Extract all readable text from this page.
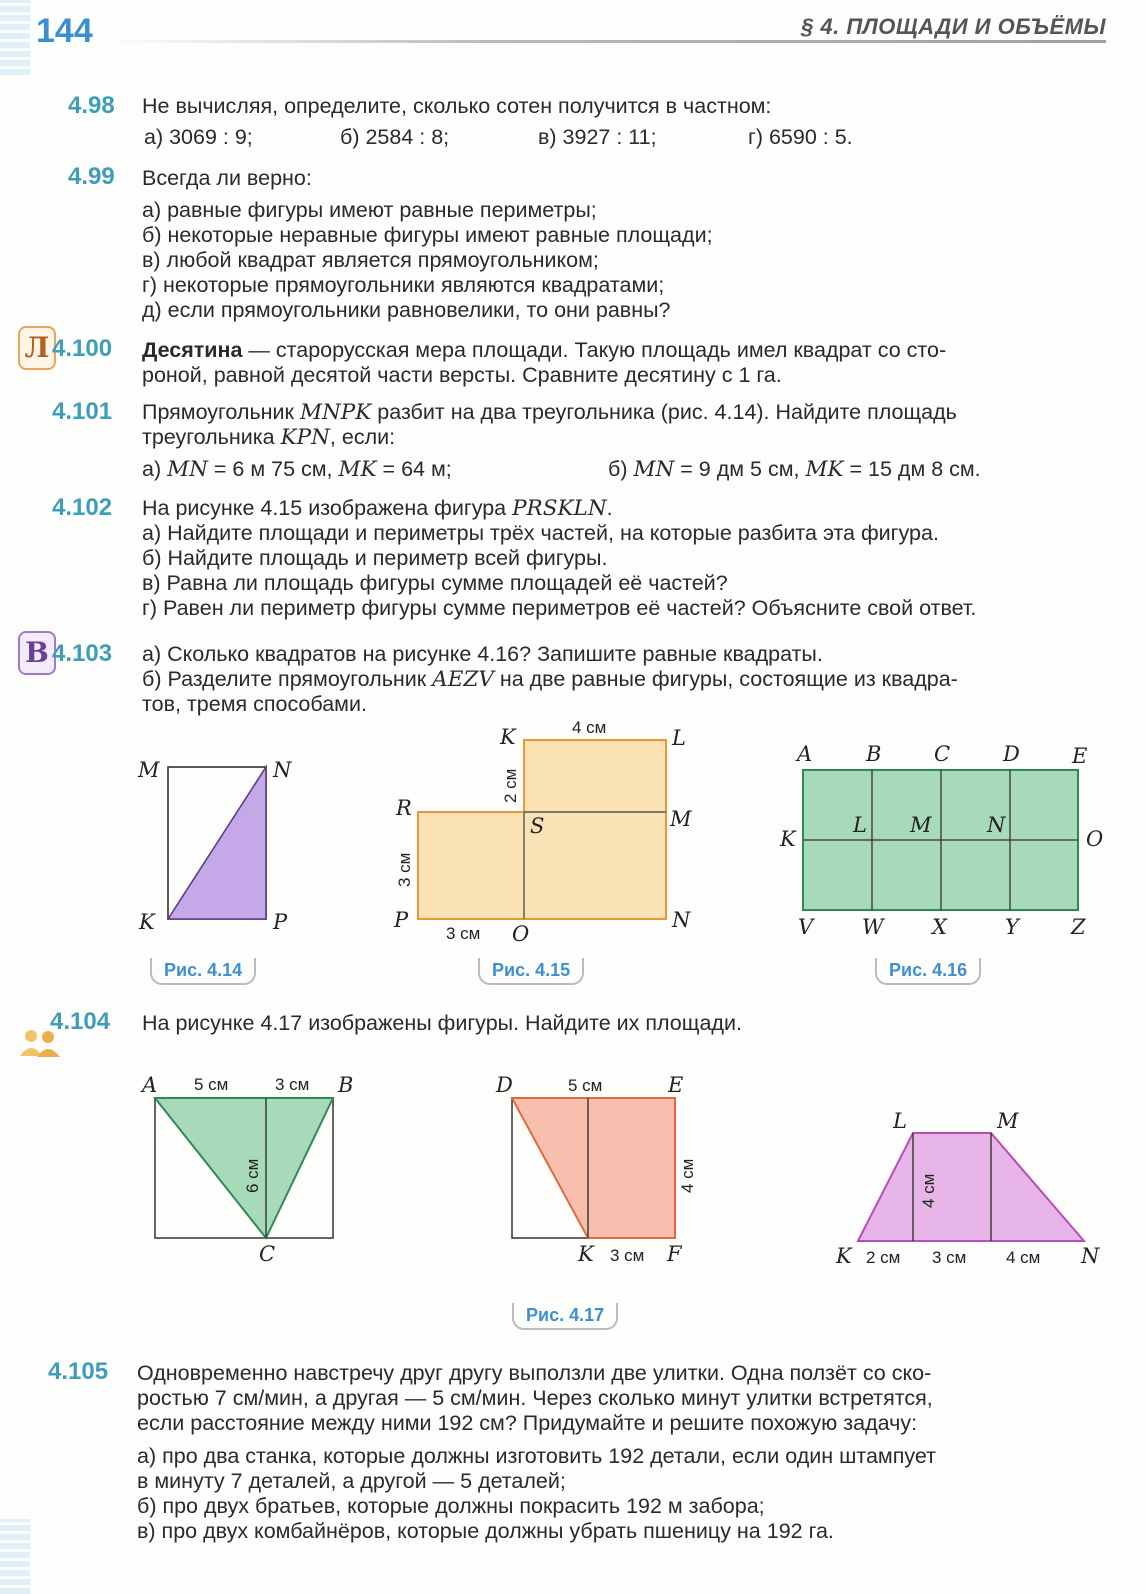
144	§ 4. ПЛОЩАДИ И ОБЪЁМЫ
4.98 Не вычисляя, определите, сколько сотен получится в частном:

а) 3069 : 9;	б) 2584 : 8;	в) 3927 : 11;	г) 6590 : 5.
4.99 Всегда ли верно:

а) равные фигуры имеют равные периметры;

б) некоторые неравные фигуры имеют равные площади;

в) любой квадрат является прямоугольником;

г) некоторые прямоугольники являются квадратами;

д) если прямоугольники равновелики, то они равны?

Л 4.100 Десятина — старорусская мера площади. Такую площадь имел квадрат со сто-

роной, равной десятой части версты. Сравните десятину с 1 га.

4.101 Прямоугольник MNPK разбит на два треугольника (рис. 4.14). Найдите площадь

треугольника KPN, если:

а) MN = 6 м 75 см, MK = 64 м;	б) MN = 9 дм 5 см, MK = 15 дм 8 см.
4.102 На рисунке 4.15 изображена фигура PRSKLN.

а) Найдите площади и периметры трёх частей, на которые разбита эта фигура.

б) Найдите площадь и периметр всей фигуры.

в) Равна ли площадь фигуры сумме площадей её частей?

г) Равен ли периметр фигуры сумме периметров её частей? Объясните свой ответ.

В 4.103 а) Сколько квадратов на рисунке 4.16? Запишите равные квадраты.

б) Разделите прямоугольник AEZV на две равные фигуры, состоящие из квадра-

тов, тремя способами.

M	N
K	P
4 см
2 см
3 см
3 см
K	L
R	M
S
P	N
O
A	B	C	D E
K
L M	N
O
V W X	Y Z
Рис. 4.14	Рис. 4.15	Рис. 4.16
4.104 На рисунке 4.17 изображены фигуры. Найдите их площади.

A	B
C
5 см	3 см
6 см
D	E
K	F
5 см
3 см
4 см
L	M
K	N
2 см 3 см 4 см
4 см
Рис. 4.17
4.105 Одновременно навстречу друг другу выползли две улитки. Одна ползёт со ско-

ростью 7 см/мин, а другая — 5 см/мин. Через сколько минут улитки встретятся,

если расстояние между ними 192 см? Придумайте и решите похожую задачу:

а) про два станка, которые должны изготовить 192 детали, если один штампует

в минуту 7 деталей, а другой — 5 деталей;

б) про двух братьев, которые должны покрасить 192 м забора;

в) про двух комбайнёров, которые должны убрать пшеницу на 192 га.
